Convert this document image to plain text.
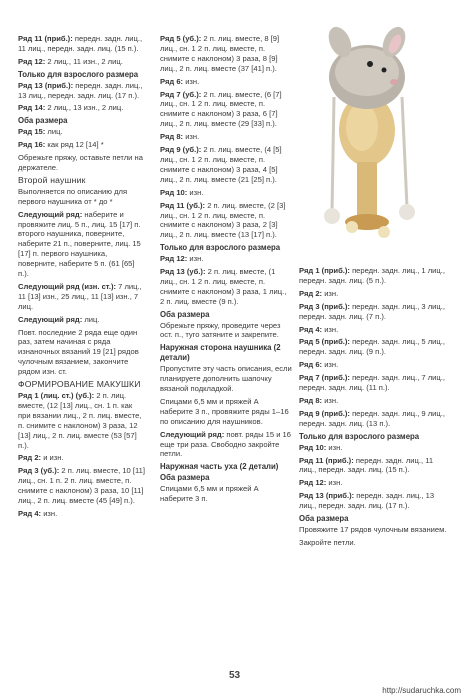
Ряд 11 (приб.): передн. задн. лиц., 11 лиц., передн. задн. лиц. (15 п.).
Ряд 12: 2 лиц., 11 изн., 2 лиц.
Только для взрослого размера
Ряд 13 (приб.): передн. задн. лиц., 13 лиц., передн. задн. лиц. (17 п.).
Ряд 14: 2 лиц., 13 изн., 2 лиц.
Оба размера
Ряд 15: лиц.
Ряд 16: как ряд 12 [14] *
Обрежьте пряжу, оставьте петли на держателе.
Второй наушник
Выполняется по описанию для первого наушника от * до *
Следующий ряд: наберите и провяжите лиц. 5 п., лиц. 15 [17] п. второго наушника, поверните, наберите 21 п., поверните, лиц. 15 [17] п. первого наушника, поверните, наберите 5 п. (61 [65] п.).
Следующий ряд (изн. ст.): 7 лиц., 11 [13] изн., 25 лиц., 11 [13] изн., 7 лиц.
Следующий ряд: лиц.
Повт. последние 2 ряда еще один раз, затем начиная с ряда изнаночных вязаний 19 [21] рядов чулочным вязанием, закончите рядом изн. ст.
ФОРМИРОВАНИЕ МАКУШКИ
Ряд 1 (лиц. ст.) (уб.): 2 п. лиц. вместе, (12 [13] лиц., сн. 1 п. как при вязании лиц., 2 п. лиц. вместе, п. снимите с наклоном) 3 раза, 12 [13] лиц., 2 п. лиц. вместе (53 [57] п.).
Ряд 2: и изн.
Ряд 3 (уб.): 2 п. лиц. вместе, 10 [11] лиц., сн. 1 п. 2 п. лиц. вместе, п. снимите с наклоном) 3 раза, 10 [11] лиц., 2 п. лиц. вместе (45 [49] п.).
Ряд 4: изн.
Ряд 5 (уб.): 2 п. лиц. вместе, 8 [9] лиц., сн. 1 2 п. лиц. вместе, п. снимите с наклоном) 3 раза, 8 [9] лиц., 2 п. лиц. вместе (37 [41] п.).
Ряд 6: изн.
Ряд 7 (уб.): 2 п. лиц. вместе, (6 [7] лиц., сн. 1 2 п. лиц. вместе, п. снимите с наклоном) 3 раза, 6 [7] лиц., 2 п. лиц. вместе (29 [33] п.).
Ряд 8: изн.
Ряд 9 (уб.): 2 п. лиц. вместе, (4 [5] лиц., сн. 1 2 п. лиц. вместе, п. снимите с наклоном) 3 раза, 4 [5] лиц., 2 п. лиц. вместе (21 [25] п.).
Ряд 10: изн.
Ряд 11 (уб.): 2 п. лиц. вместе, (2 [3] лиц., сн. 1 2 п. лиц. вместе, п. снимите с наклоном) 3 раза, 2 [3] лиц., 2 п. лиц. вместе (13 [17] п.).
Только для взрослого размера
Ряд 12: изн.
Ряд 13 (уб.): 2 п. лиц. вместе, (1 лиц., сн. 1 2 п. лиц. вместе, п. снимите с наклоном) 3 раза, 1 лиц., 2 п. лиц. вместе (9 п.).
Оба размера
Обрежьте пряжу, проведите через ост. п., туго затяните и закрепите.
Наружная сторона наушника (2 детали)
Пропустите эту часть описания, если планируете дополнить шапочку вязаной подкладкой.
Спицами 6,5 мм и пряжей А наберите 3 п., провяжите ряды 1–16 по описанию для наушников.
Следующий ряд: повт. ряды 15 и 16 еще три раза. Свободно закройте петли.
Наружная часть уха (2 детали)
Оба размера
Спицами 6,5 мм и пряжей А наберите 3 п.
Ряд 1 (приб.): передн. задн. лиц., 1 лиц., передн. задн. лиц. (5 п.).
Ряд 2: изн.
Ряд 3 (приб.): передн. задн. лиц., 3 лиц., передн. задн. лиц. (7 п.).
Ряд 4: изн.
Ряд 5 (приб.): передн. задн. лиц., 5 лиц., передн. задн. лиц. (9 п.).
Ряд 6: изн.
Ряд 7 (приб.): передн. задн. лиц., 7 лиц., передн. задн. лиц. (11 п.).
Ряд 8: изн.
Ряд 9 (приб.): передн. задн. лиц., 9 лиц., передн. задн. лиц. (13 п.).
Только для взрослого размера
Ряд 10: изн.
Ряд 11 (приб.): передн. задн. лиц., 11 лиц., передн. задн. лиц. (15 п.).
Ряд 12: изн.
Ряд 13 (приб.): передн. задн. лиц., 13 лиц., передн. задн. лиц. (17 п.).
Оба размера
Провяжите 17 рядов чулочным вязанием.
Закройте петли.
53
http://sudaruchka.com
